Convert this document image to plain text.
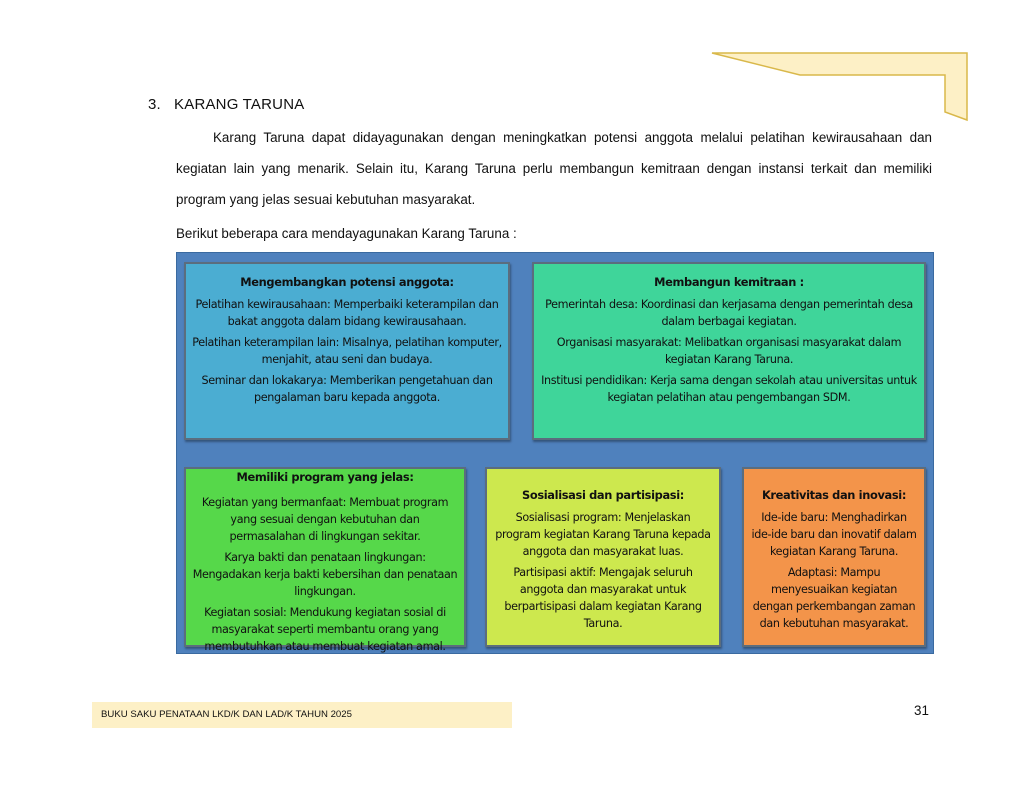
3. KARANG TARUNA

Karang Taruna dapat didayagunakan dengan meningkatkan potensi anggota melalui pelatihan kewirausahaan dan kegiatan lain yang menarik. Selain itu, Karang Taruna perlu membangun kemitraan dengan instansi terkait dan memiliki program yang jelas sesuai kebutuhan masyarakat.

Berikut beberapa cara mendayagunakan Karang Taruna :
Mengembangkan potensi anggota:

Pelatihan kewirausahaan: Memperbaiki keterampilan dan bakat anggota dalam bidang kewirausahaan.

Pelatihan keterampilan lain: Misalnya, pelatihan komputer, menjahit, atau seni dan budaya.

Seminar dan lokakarya: Memberikan pengetahuan dan pengalaman baru kepada anggota.

Membangun kemitraan :

Pemerintah desa: Koordinasi dan kerjasama dengan pemerintah desa dalam berbagai kegiatan.

Organisasi masyarakat: Melibatkan organisasi masyarakat dalam kegiatan Karang Taruna.

Institusi pendidikan: Kerja sama dengan sekolah atau universitas untuk kegiatan pelatihan atau pengembangan SDM.

Memiliki program yang jelas:

Kegiatan yang bermanfaat: Membuat program yang sesuai dengan kebutuhan dan permasalahan di lingkungan sekitar.

Karya bakti dan penataan lingkungan: Mengadakan kerja bakti kebersihan dan penataan lingkungan.

Kegiatan sosial: Mendukung kegiatan sosial di masyarakat seperti membantu orang yang membutuhkan atau membuat kegiatan amal.

Sosialisasi dan partisipasi:

Sosialisasi program: Menjelaskan program kegiatan Karang Taruna kepada anggota dan masyarakat luas.

Partisipasi aktif: Mengajak seluruh anggota dan masyarakat untuk berpartisipasi dalam kegiatan Karang Taruna.

Kreativitas dan inovasi:

Ide-ide baru: Menghadirkan ide-ide baru dan inovatif dalam kegiatan Karang Taruna.

Adaptasi: Mampu menyesuaikan kegiatan dengan perkembangan zaman dan kebutuhan masyarakat.

BUKU SAKU PENATAAN LKD/K DAN LAD/K TAHUN 2025	31
